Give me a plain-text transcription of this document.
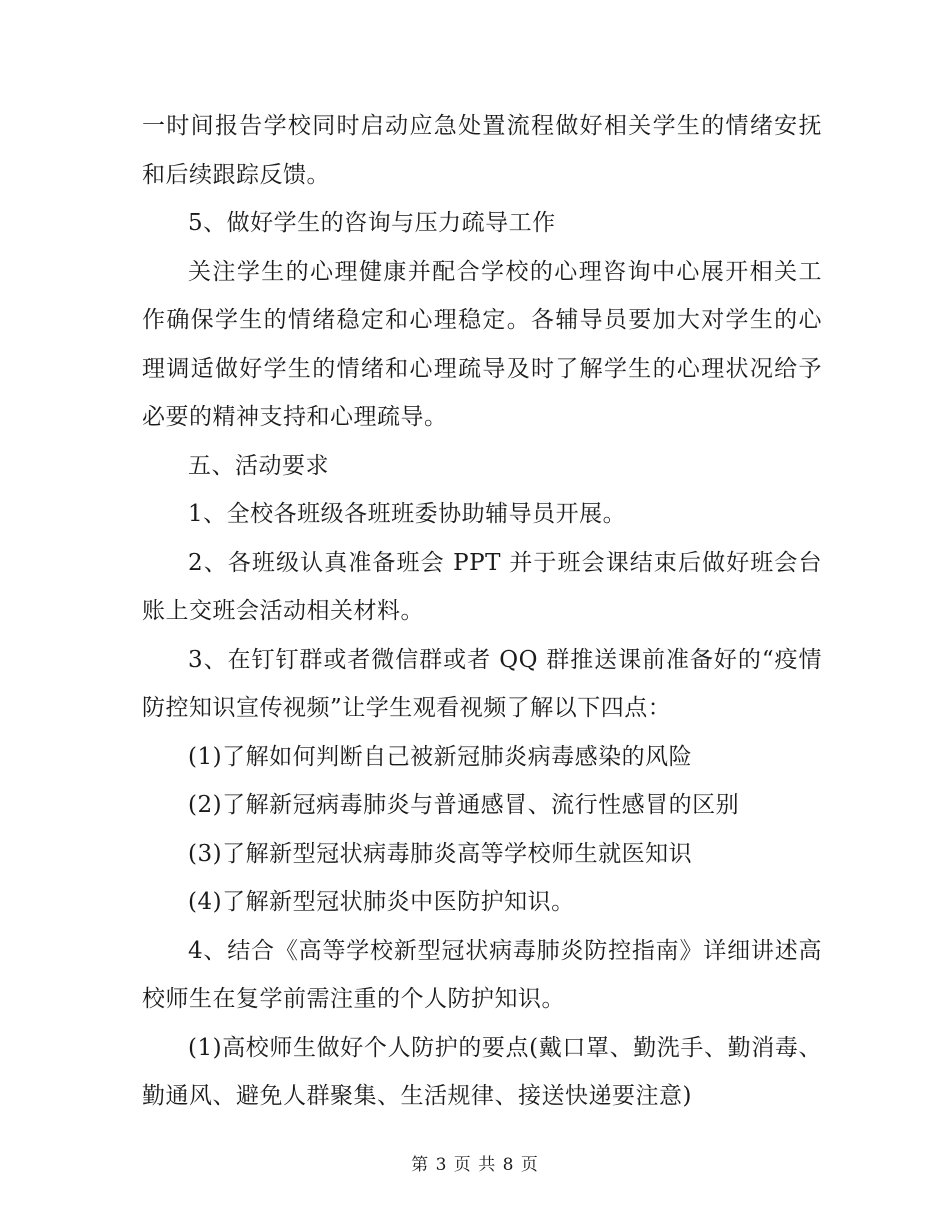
一时间报告学校同时启动应急处置流程做好相关学生的情绪安抚和后续跟踪反馈。

5、做好学生的咨询与压力疏导工作

关注学生的心理健康并配合学校的心理咨询中心展开相关工作确保学生的情绪稳定和心理稳定。各辅导员要加大对学生的心理调适做好学生的情绪和心理疏导及时了解学生的心理状况给予必要的精神支持和心理疏导。

五、活动要求

1、全校各班级各班班委协助辅导员开展。

2、各班级认真准备班会 PPT 并于班会课结束后做好班会台账上交班会活动相关材料。

3、在钉钉群或者微信群或者 QQ 群推送课前准备好的“疫情防控知识宣传视频”让学生观看视频了解以下四点：

(1)了解如何判断自己被新冠肺炎病毒感染的风险

(2)了解新冠病毒肺炎与普通感冒、流行性感冒的区别

(3)了解新型冠状病毒肺炎高等学校师生就医知识

(4)了解新型冠状肺炎中医防护知识。

4、结合《高等学校新型冠状病毒肺炎防控指南》详细讲述高校师生在复学前需注重的个人防护知识。

(1)高校师生做好个人防护的要点(戴口罩、勤洗手、勤消毒、勤通风、避免人群聚集、生活规律、接送快递要注意)

第 3 页 共 8 页
